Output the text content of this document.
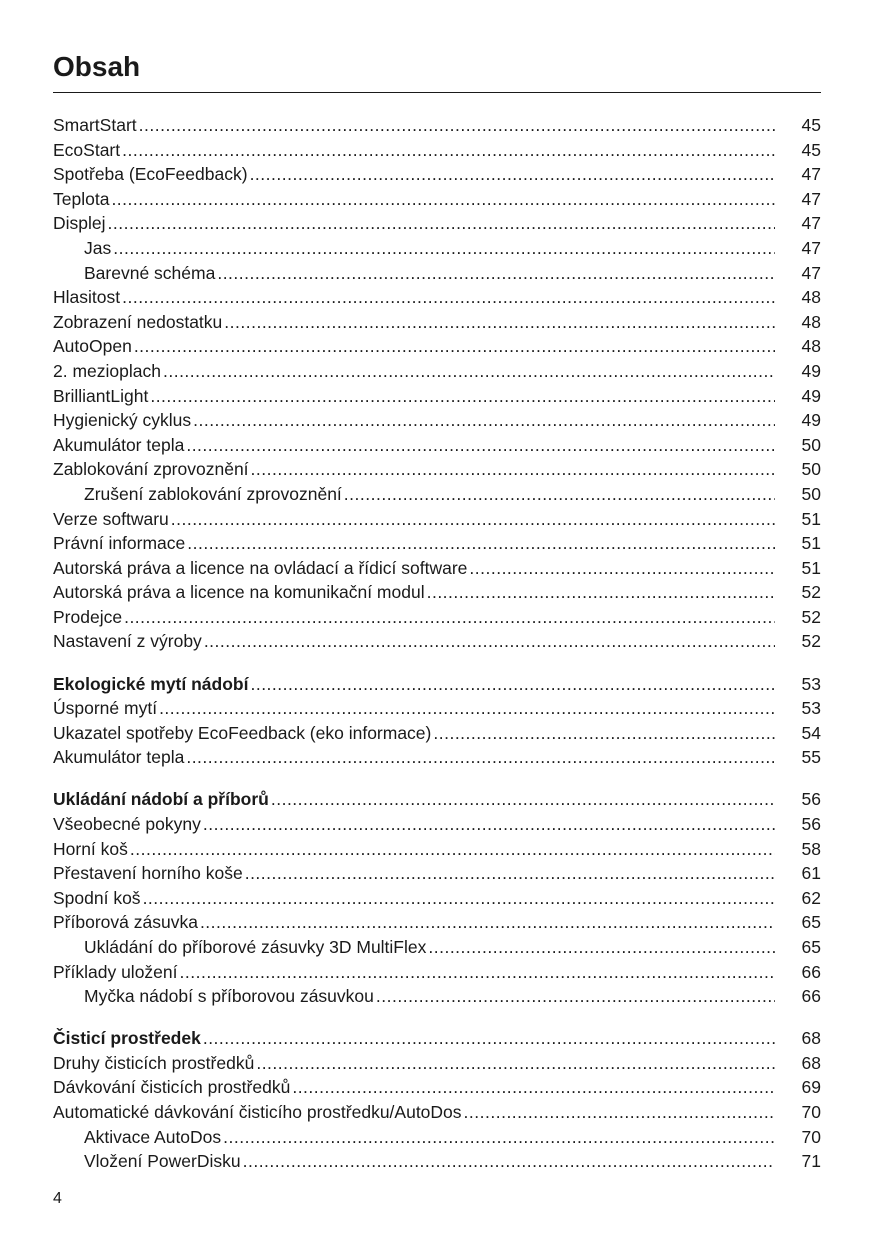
Obsah
SmartStart .....	45
EcoStart .....	45
Spotřeba (EcoFeedback) .....	47
Teplota .....	47
Displej .....	47
Jas .....	47
Barevné schéma .....	47
Hlasitost .....	48
Zobrazení nedostatku .....	48
AutoOpen .....	48
2. mezioplach .....	49
BrilliantLight .....	49
Hygienický cyklus .....	49
Akumulátor tepla .....	50
Zablokování zprovoznění .....	50
Zrušení zablokování zprovoznění .....	50
Verze softwaru .....	51
Právní informace .....	51
Autorská práva a licence na ovládací a řídicí software .....	51
Autorská práva a licence na komunikační modul .....	52
Prodejce .....	52
Nastavení z výroby .....	52
Ekologické mytí nádobí .....	53
Úsporné mytí .....	53
Ukazatel spotřeby EcoFeedback (eko informace) .....	54
Akumulátor tepla .....	55
Ukládání nádobí a příborů .....	56
Všeobecné pokyny .....	56
Horní koš .....	58
Přestavení horního koše .....	61
Spodní koš .....	62
Příborová zásuvka .....	65
Ukládání do příborové zásuvky 3D MultiFlex .....	65
Příklady uložení .....	66
Myčka nádobí s příborovou zásuvkou .....	66
Čisticí prostředek .....	68
Druhy čisticích prostředků .....	68
Dávkování čisticích prostředků .....	69
Automatické dávkování čisticího prostředku/AutoDos .....	70
Aktivace AutoDos .....	70
Vložení PowerDisku .....	71

4
